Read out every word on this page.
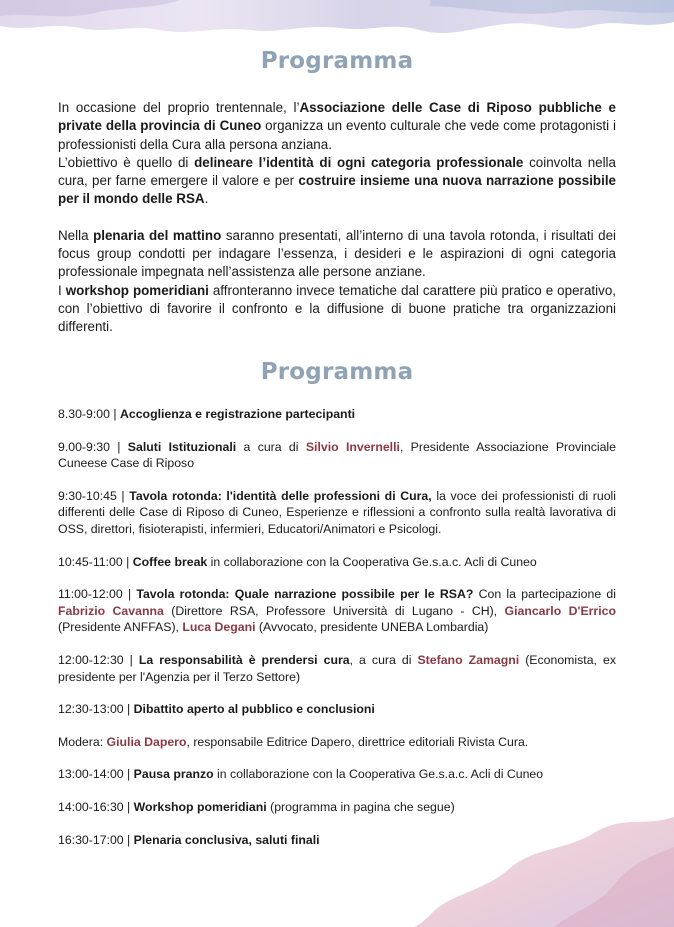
Programma

In occasione del proprio trentennale, l’Associazione delle Case di Riposo pubbliche e private della provincia di Cuneo organizza un evento culturale che vede come protagonisti i professionisti della Cura alla persona anziana.

L’obiettivo è quello di delineare l’identità di ogni categoria professionale coinvolta nella cura, per farne emergere il valore e per costruire insieme una nuova narrazione possibile per il mondo delle RSA.

Nella plenaria del mattino saranno presentati, all’interno di una tavola rotonda, i risultati dei focus group condotti per indagare l’essenza, i desideri e le aspirazioni di ogni categoria professionale impegnata nell’assistenza alle persone anziane.

I workshop pomeridiani affronteranno invece tematiche dal carattere più pratico e operativo, con l’obiettivo di favorire il confronto e la diffusione di buone pratiche tra organizzazioni differenti.

Programma
8.30-9:00 | Accoglienza e registrazione partecipanti
9.00-9:30 | Saluti Istituzionali a cura di Silvio Invernelli, Presidente Associazione Provinciale Cuneese Case di Riposo
9:30-10:45 | Tavola rotonda: l'identità delle professioni di Cura, la voce dei professionisti di ruoli differenti delle Case di Riposo di Cuneo, Esperienze e riflessioni a confronto sulla realtà lavorativa di OSS, direttori, fisioterapisti, infermieri, Educatori/Animatori e Psicologi.
10:45-11:00 | Coffee break in collaborazione con la Cooperativa Ge.s.a.c. Acli di Cuneo
11:00-12:00 | Tavola rotonda: Quale narrazione possibile per le RSA? Con la partecipazione di Fabrizio Cavanna (Direttore RSA, Professore Università di Lugano - CH), Giancarlo D'Errico (Presidente ANFFAS), Luca Degani (Avvocato, presidente UNEBA Lombardia)
12:00-12:30 | La responsabilità è prendersi cura, a cura di Stefano Zamagni (Economista, ex presidente per l'Agenzia per il Terzo Settore)
12:30-13:00 | Dibattito aperto al pubblico e conclusioni
Modera: Giulia Dapero, responsabile Editrice Dapero, direttrice editoriali Rivista Cura.
13:00-14:00 | Pausa pranzo in collaborazione con la Cooperativa Ge.s.a.c. Acli di Cuneo
14:00-16:30 | Workshop pomeridiani (programma in pagina che segue)
16:30-17:00 | Plenaria conclusiva, saluti finali
